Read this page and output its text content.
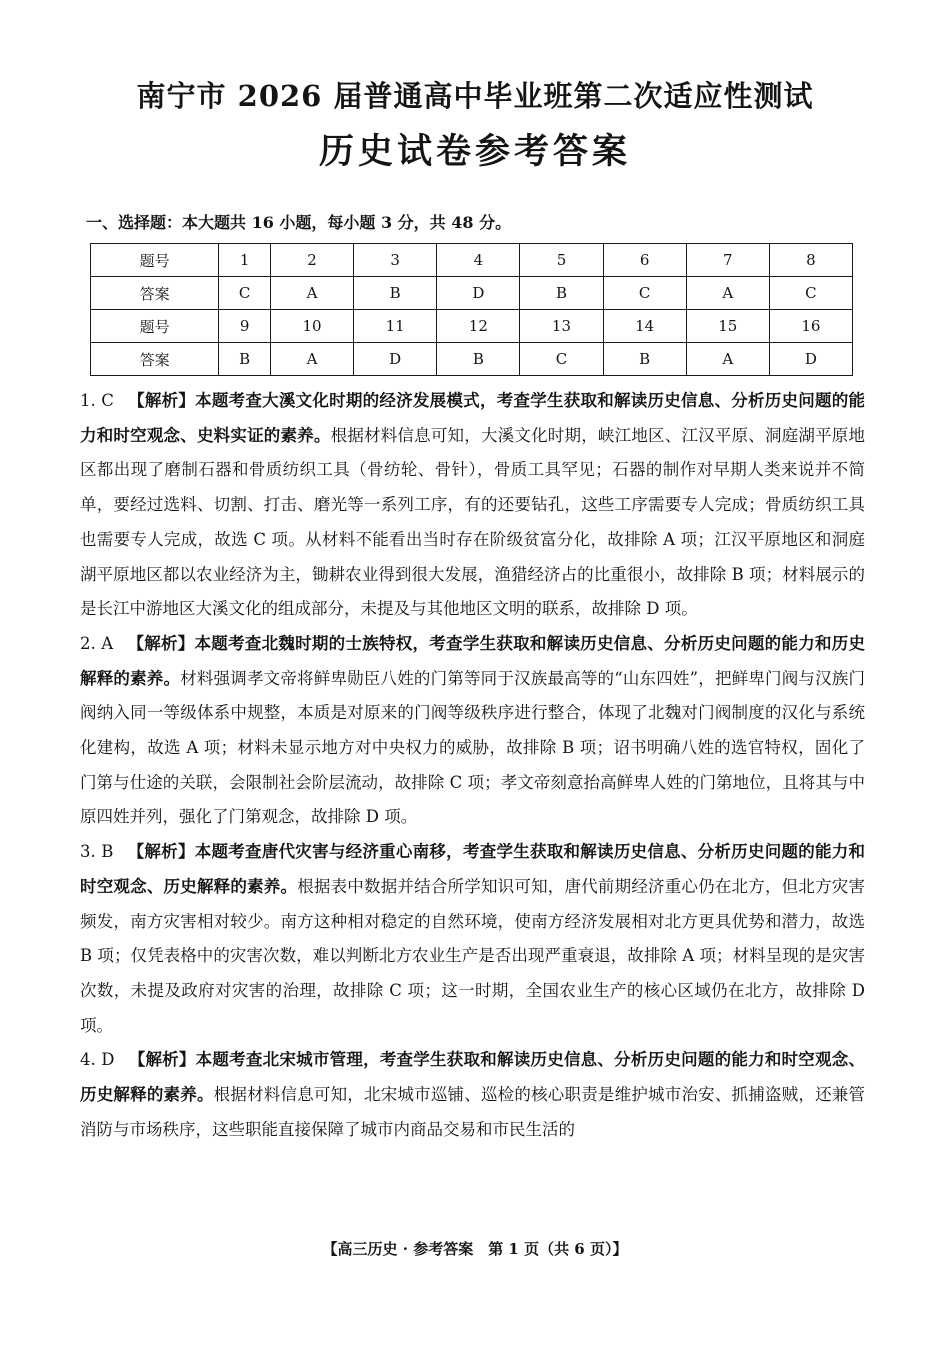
南宁市 2026 届普通高中毕业班第二次适应性测试
历史试卷参考答案
一、选择题：本大题共 16 小题，每小题 3 分，共 48 分。
题号	1	2	3	4	5	6	7	8
答案	C	A	B	D	B	C	A	C
题号	9	10	11	12	13	14	15	16
答案	B	A	D	B	C	B	A	D
1. C 【解析】本题考查大溪文化时期的经济发展模式，考查学生获取和解读历史信息、分析历史问题的能力和时空观念、史料实证的素养。根据材料信息可知，大溪文化时期，峡江地区、江汉平原、洞庭湖平原地区都出现了磨制石器和骨质纺织工具（骨纺轮、骨针），骨质工具罕见；石器的制作对早期人类来说并不简单，要经过选料、切割、打击、磨光等一系列工序，有的还要钻孔，这些工序需要专人完成；骨质纺织工具也需要专人完成，故选 C 项。从材料不能看出当时存在阶级贫富分化，故排除 A 项；江汉平原地区和洞庭湖平原地区都以农业经济为主，锄耕农业得到很大发展，渔猎经济占的比重很小，故排除 B 项；材料展示的是长江中游地区大溪文化的组成部分，未提及与其他地区文明的联系，故排除 D 项。
2. A 【解析】本题考查北魏时期的士族特权，考查学生获取和解读历史信息、分析历史问题的能力和历史解释的素养。材料强调孝文帝将鲜卑勋臣八姓的门第等同于汉族最高等的“山东四姓”，把鲜卑门阀与汉族门阀纳入同一等级体系中规整，本质是对原来的门阀等级秩序进行整合，体现了北魏对门阀制度的汉化与系统化建构，故选 A 项；材料未显示地方对中央权力的威胁，故排除 B 项；诏书明确八姓的选官特权，固化了门第与仕途的关联，会限制社会阶层流动，故排除 C 项；孝文帝刻意抬高鲜卑人姓的门第地位，且将其与中原四姓并列，强化了门第观念，故排除 D 项。
3. B 【解析】本题考查唐代灾害与经济重心南移，考查学生获取和解读历史信息、分析历史问题的能力和时空观念、历史解释的素养。根据表中数据并结合所学知识可知，唐代前期经济重心仍在北方，但北方灾害频发，南方灾害相对较少。南方这种相对稳定的自然环境，使南方经济发展相对北方更具优势和潜力，故选 B 项；仅凭表格中的灾害次数，难以判断北方农业生产是否出现严重衰退，故排除 A 项；材料呈现的是灾害次数，未提及政府对灾害的治理，故排除 C 项；这一时期，全国农业生产的核心区域仍在北方，故排除 D 项。
4. D 【解析】本题考查北宋城市管理，考查学生获取和解读历史信息、分析历史问题的能力和时空观念、历史解释的素养。根据材料信息可知，北宋城市巡铺、巡检的核心职责是维护城市治安、抓捕盗贼，还兼管消防与市场秩序，这些职能直接保障了城市内商品交易和市民生活的
【高三历史 · 参考答案　第 1 页（共 6 页）】
